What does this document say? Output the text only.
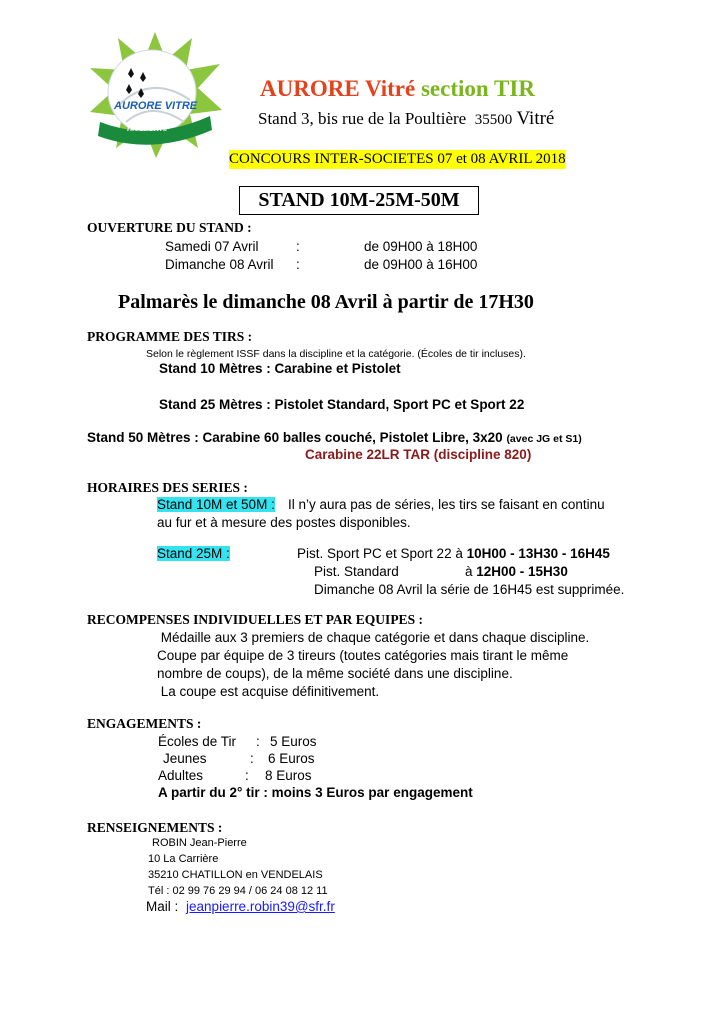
AURORE VITRE
TIR SPORTIF
AURORE Vitré section TIR
Stand 3, bis rue de la Poultière 35500 Vitré
CONCOURS INTER-SOCIETES 07 et 08 AVRIL 2018
STAND 10M-25M-50M
OUVERTURE DU STAND :
Samedi 07 Avril	:	de 09H00 à 18H00
Dimanche 08 Avril :	de 09H00 à 16H00
Palmarès le dimanche 08 Avril à partir de 17H30
PROGRAMME DES TIRS :
Selon le règlement ISSF dans la discipline et la catégorie. (Écoles de tir incluses).
Stand 10 Mètres : Carabine et Pistolet
Stand 25 Mètres : Pistolet Standard, Sport PC et Sport 22
Stand 50 Mètres : Carabine 60 balles couché, Pistolet Libre, 3x20 (avec JG et S1)
Carabine 22LR TAR (discipline 820)
HORAIRES DES SERIES :
Stand 10M et 50M : Il n’y aura pas de séries, les tirs se faisant en continu
au fur et à mesure des postes disponibles.
Stand 25M :	Pist. Sport PC et Sport 22 à 10H00 - 13H30 - 16H45
Pist. Standard	à 12H00 - 15H30
Dimanche 08 Avril la série de 16H45 est supprimée.
RECOMPENSES INDIVIDUELLES ET PAR EQUIPES :
Médaille aux 3 premiers de chaque catégorie et dans chaque discipline.
Coupe par équipe de 3 tireurs (toutes catégories mais tirant le même
nombre de coups), de la même société dans une discipline.
La coupe est acquise définitivement.
ENGAGEMENTS :
Écoles de Tir : 5 Euros
Jeunes	: 6 Euros
Adultes	: 8 Euros
A partir du 2° tir : moins 3 Euros par engagement
RENSEIGNEMENTS :
ROBIN Jean-Pierre
10 La Carrière
35210 CHATILLON en VENDELAIS
Tél : 02 99 76 29 94 / 06 24 08 12 11
Mail : jeanpierre.robin39@sfr.fr
